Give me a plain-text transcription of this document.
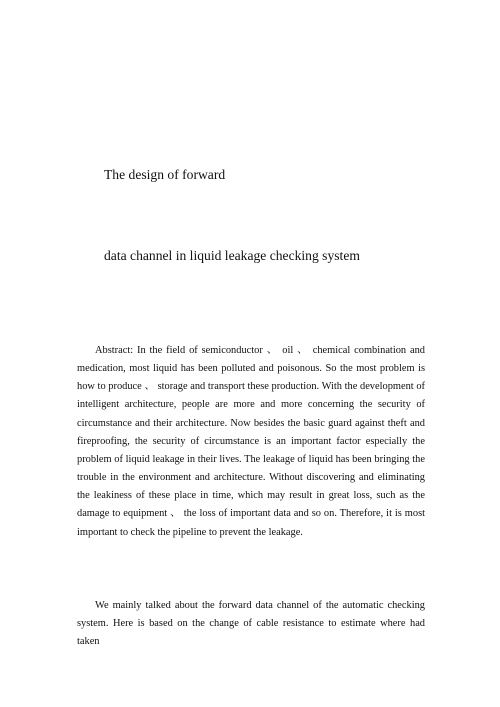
The design of forward
data channel in liquid leakage checking system

Abstract: In the field of semiconductor 、 oil 、 chemical combination and medication, most liquid has been polluted and poisonous. So the most problem is how to produce 、 storage and transport these production. With the development of intelligent architecture, people are more and more concerning the security of circumstance and their architecture. Now besides the basic guard against theft and fireproofing, the security of circumstance is an important factor especially the problem of liquid leakage in their lives. The leakage of liquid has been bringing the trouble in the environment and architecture. Without discovering and eliminating the leakiness of these place in time, which may result in great loss, such as the damage to equipment 、 the loss of important data and so on. Therefore, it is most important to check the pipeline to prevent the leakage.

We mainly talked about the forward data channel of the automatic checking system. Here is based on the change of cable resistance to estimate where had taken
